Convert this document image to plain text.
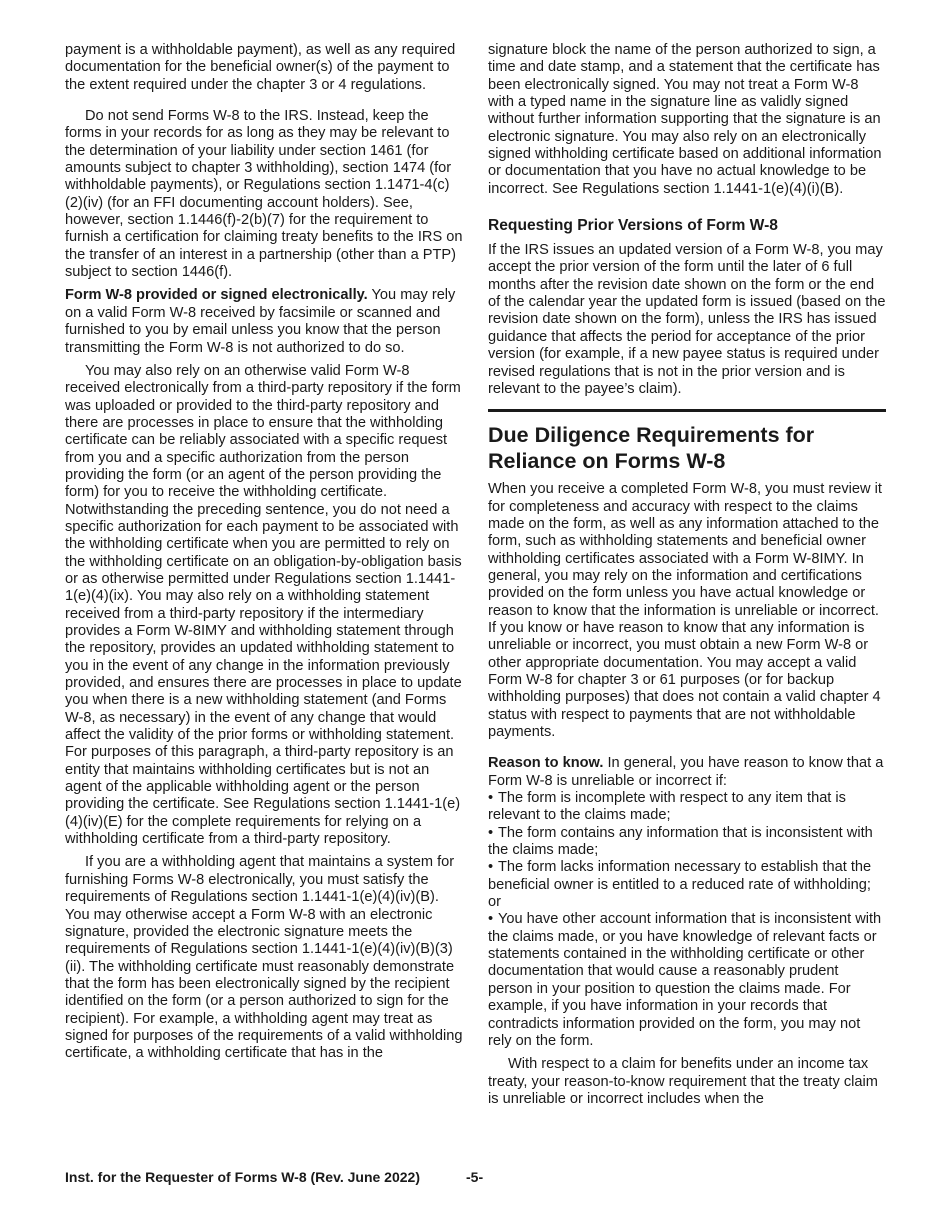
payment is a withholdable payment), as well as any required documentation for the beneficial owner(s) of the payment to the extent required under the chapter 3 or 4 regulations.

Do not send Forms W-8 to the IRS. Instead, keep the forms in your records for as long as they may be relevant to the determination of your liability under section 1461 (for amounts subject to chapter 3 withholding), section 1474 (for withholdable payments), or Regulations section 1.1471-4(c)(2)(iv) (for an FFI documenting account holders). See, however, section 1.1446(f)-2(b)(7) for the requirement to furnish a certification for claiming treaty benefits to the IRS on the transfer of an interest in a partnership (other than a PTP) subject to section 1446(f).

Form W-8 provided or signed electronically. You may rely on a valid Form W-8 received by facsimile or scanned and furnished to you by email unless you know that the person transmitting the Form W-8 is not authorized to do so.

You may also rely on an otherwise valid Form W-8 received electronically from a third-party repository if the form was uploaded or provided to the third-party repository and there are processes in place to ensure that the withholding certificate can be reliably associated with a specific request from you and a specific authorization from the person providing the form (or an agent of the person providing the form) for you to receive the withholding certificate. Notwithstanding the preceding sentence, you do not need a specific authorization for each payment to be associated with the withholding certificate when you are permitted to rely on the withholding certificate on an obligation-by-obligation basis or as otherwise permitted under Regulations section 1.1441-1(e)(4)(ix). You may also rely on a withholding statement received from a third-party repository if the intermediary provides a Form W-8IMY and withholding statement through the repository, provides an updated withholding statement to you in the event of any change in the information previously provided, and ensures there are processes in place to update you when there is a new withholding statement (and Forms W-8, as necessary) in the event of any change that would affect the validity of the prior forms or withholding statement. For purposes of this paragraph, a third-party repository is an entity that maintains withholding certificates but is not an agent of the applicable withholding agent or the person providing the certificate. See Regulations section 1.1441-1(e)(4)(iv)(E) for the complete requirements for relying on a withholding certificate from a third-party repository.

If you are a withholding agent that maintains a system for furnishing Forms W-8 electronically, you must satisfy the requirements of Regulations section 1.1441-1(e)(4)(iv)(B). You may otherwise accept a Form W-8 with an electronic signature, provided the electronic signature meets the requirements of Regulations section 1.1441-1(e)(4)(iv)(B)(3)(ii). The withholding certificate must reasonably demonstrate that the form has been electronically signed by the recipient identified on the form (or a person authorized to sign for the recipient). For example, a withholding agent may treat as signed for purposes of the requirements of a valid withholding certificate, a withholding certificate that has in the

signature block the name of the person authorized to sign, a time and date stamp, and a statement that the certificate has been electronically signed. You may not treat a Form W-8 with a typed name in the signature line as validly signed without further information supporting that the signature is an electronic signature. You may also rely on an electronically signed withholding certificate based on additional information or documentation that you have no actual knowledge to be incorrect. See Regulations section 1.1441-1(e)(4)(i)(B).

Requesting Prior Versions of Form W-8

If the IRS issues an updated version of a Form W-8, you may accept the prior version of the form until the later of 6 full months after the revision date shown on the form or the end of the calendar year the updated form is issued (based on the revision date shown on the form), unless the IRS has issued guidance that affects the period for acceptance of the prior version (for example, if a new payee status is required under revised regulations that is not in the prior version and is relevant to the payee’s claim).

Due Diligence Requirements for Reliance on Forms W-8

When you receive a completed Form W-8, you must review it for completeness and accuracy with respect to the claims made on the form, as well as any information attached to the form, such as withholding statements and beneficial owner withholding certificates associated with a Form W-8IMY. In general, you may rely on the information and certifications provided on the form unless you have actual knowledge or reason to know that the information is unreliable or incorrect. If you know or have reason to know that any information is unreliable or incorrect, you must obtain a new Form W-8 or other appropriate documentation. You may accept a valid Form W-8 for chapter 3 or 61 purposes (or for backup withholding purposes) that does not contain a valid chapter 4 status with respect to payments that are not withholdable payments.

Reason to know. In general, you have reason to know that a Form W-8 is unreliable or incorrect if:

• The form is incomplete with respect to any item that is relevant to the claims made;
• The form contains any information that is inconsistent with the claims made;
• The form lacks information necessary to establish that the beneficial owner is entitled to a reduced rate of withholding; or
• You have other account information that is inconsistent with the claims made, or you have knowledge of relevant facts or statements contained in the withholding certificate or other documentation that would cause a reasonably prudent person in your position to question the claims made. For example, if you have information in your records that contradicts information provided on the form, you may not rely on the form.

With respect to a claim for benefits under an income tax treaty, your reason-to-know requirement that the treaty claim is unreliable or incorrect includes when the

Inst. for the Requester of Forms W-8 (Rev. June 2022)	-5-
